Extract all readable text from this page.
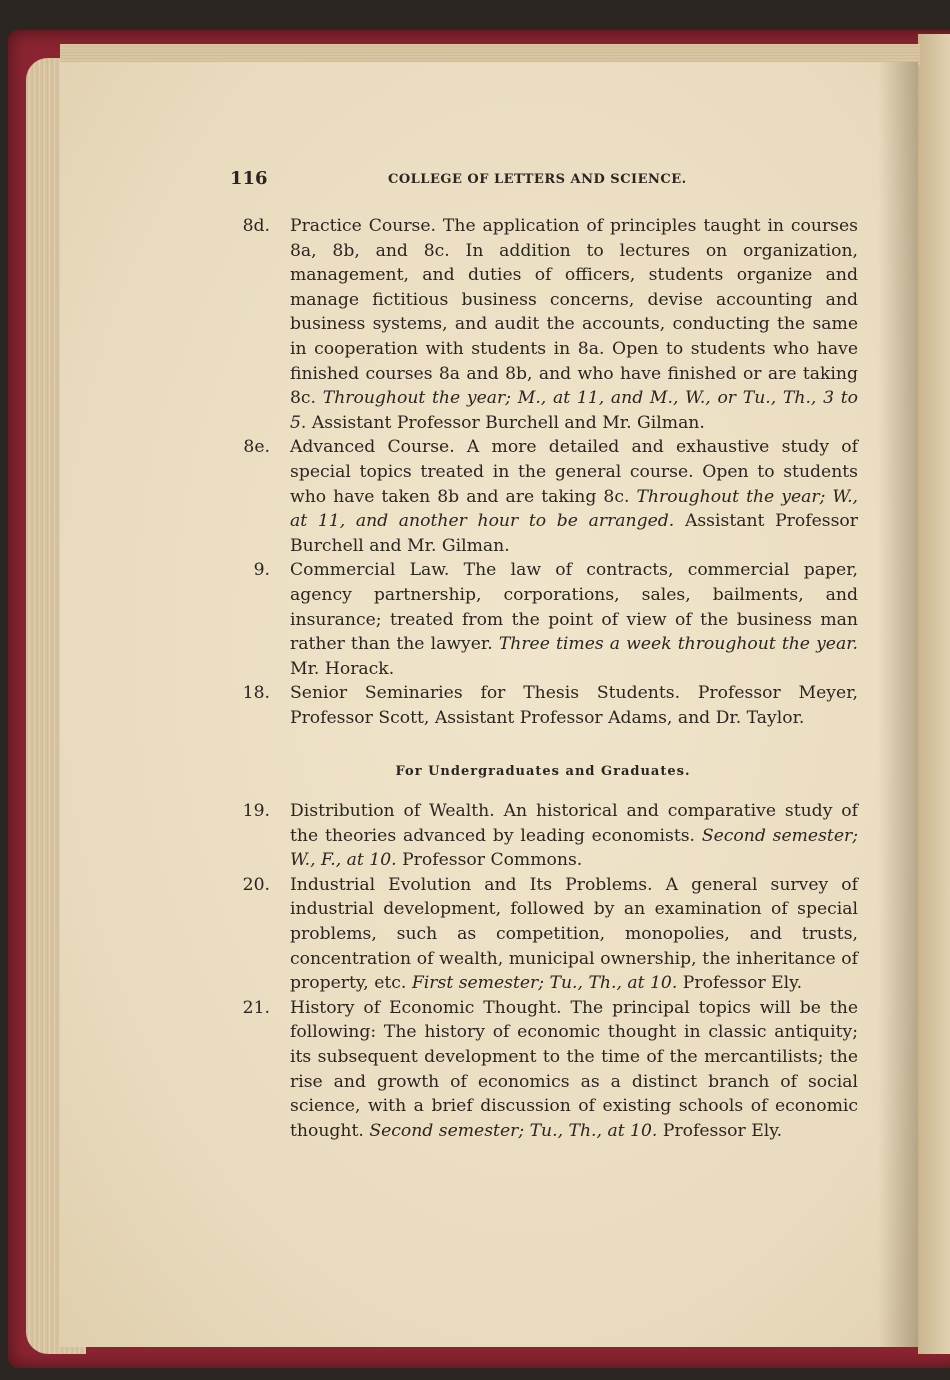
116	COLLEGE OF LETTERS AND SCIENCE.
8d. Practice Course. The application of principles taught in courses 8a, 8b, and 8c. In addition to lectures on organization, management, and duties of officers, students organize and manage fictitious business concerns, devise accounting and business systems, and audit the accounts, conducting the same in cooperation with students in 8a. Open to students who have finished courses 8a and 8b, and who have finished or are taking 8c. Throughout the year; M., at 11, and M., W., or Tu., Th., 3 to 5. Assistant Professor Burchell and Mr. Gilman.
8e. Advanced Course. A more detailed and exhaustive study of special topics treated in the general course. Open to students who have taken 8b and are taking 8c. Throughout the year; W., at 11, and another hour to be arranged. Assistant Professor Burchell and Mr. Gilman.
9. Commercial Law. The law of contracts, commercial paper, agency partnership, corporations, sales, bailments, and insurance; treated from the point of view of the business man rather than the lawyer. Three times a week throughout the year. Mr. Horack.
18. Senior Seminaries for Thesis Students. Professor Meyer, Professor Scott, Assistant Professor Adams, and Dr. Taylor.
For Undergraduates and Graduates.
19. Distribution of Wealth. An historical and comparative study of the theories advanced by leading economists. Second semester; W., F., at 10. Professor Commons.
20. Industrial Evolution and Its Problems. A general survey of industrial development, followed by an examination of special problems, such as competition, monopolies, and trusts, concentration of wealth, municipal ownership, the inheritance of property, etc. First semester; Tu., Th., at 10. Professor Ely.
21. History of Economic Thought. The principal topics will be the following: The history of economic thought in classic antiquity; its subsequent development to the time of the mercantilists; the rise and growth of economics as a distinct branch of social science, with a brief discussion of existing schools of economic thought. Second semester; Tu., Th., at 10. Professor Ely.
